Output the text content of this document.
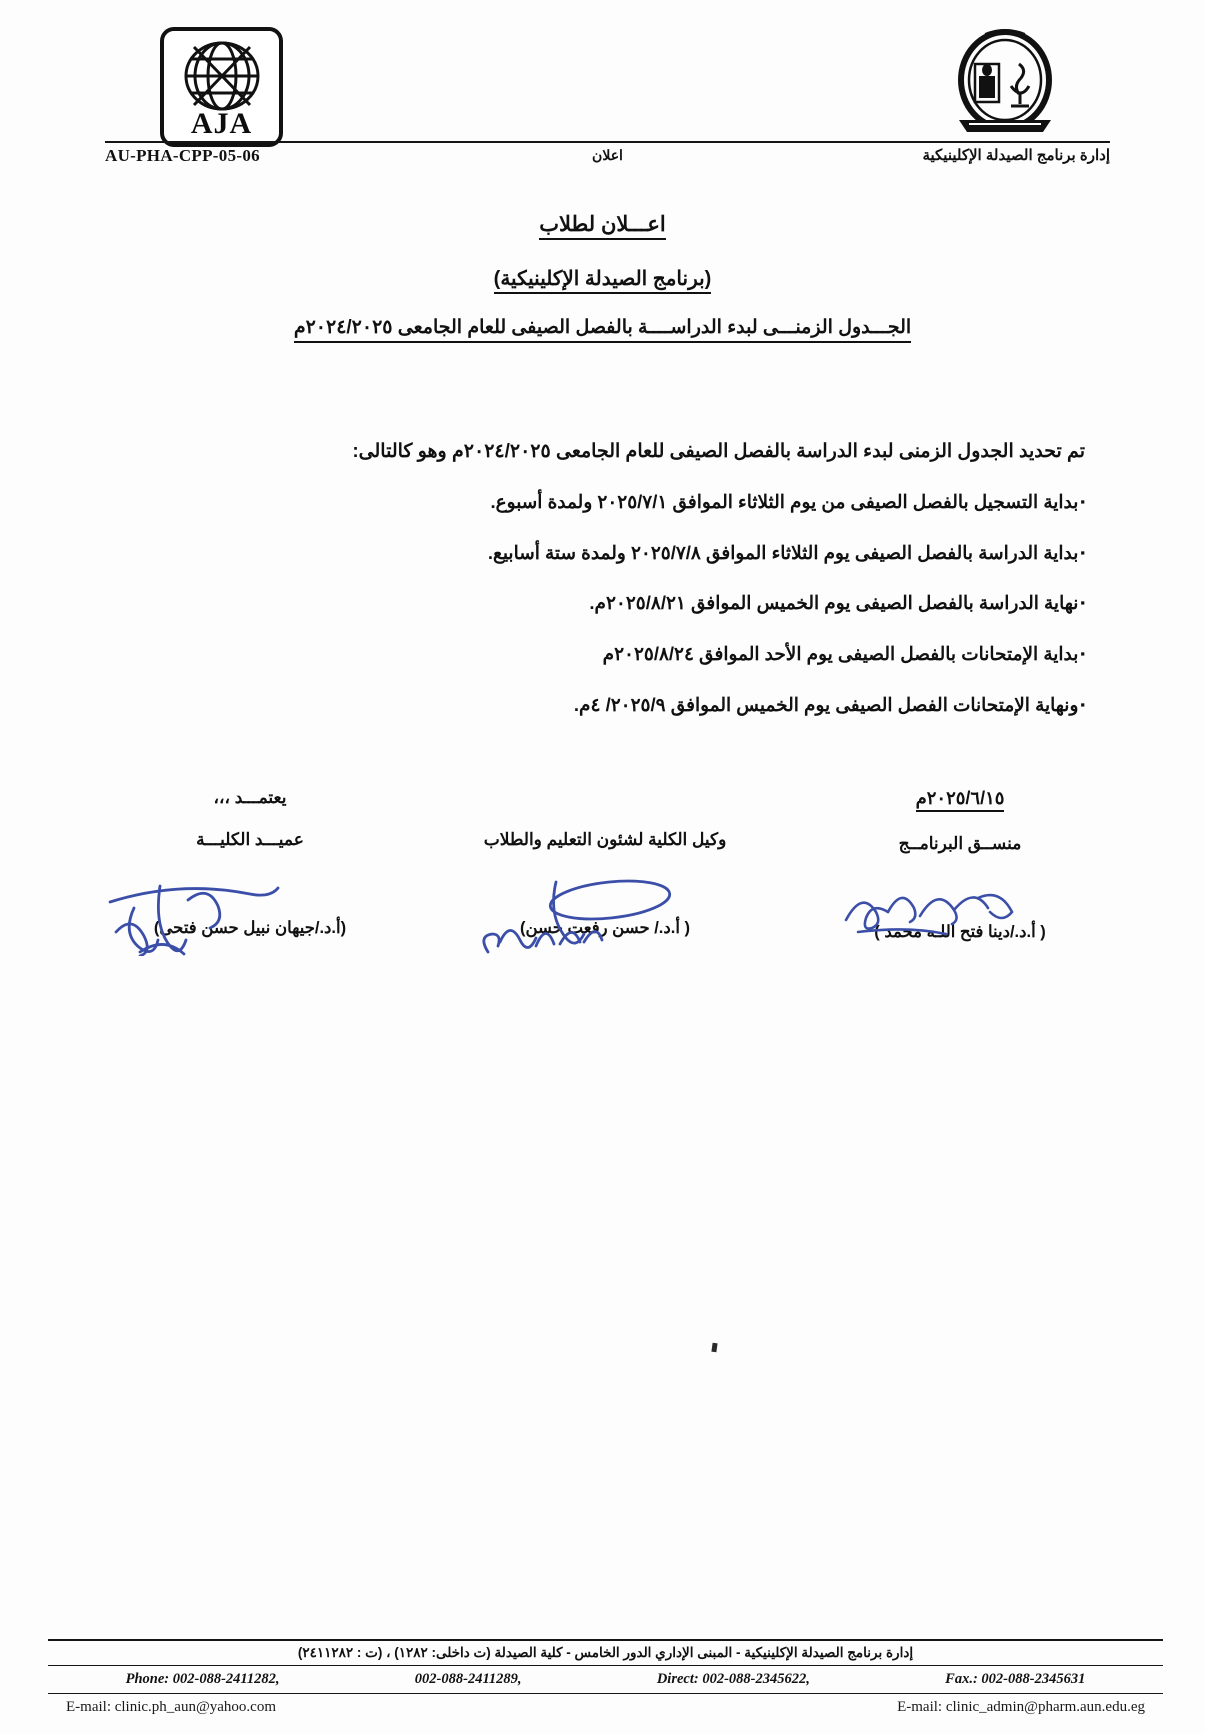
AJA
إدارة برنامج الصيدلة الإكلينيكية
اعلان
AU-PHA-CPP-05-06
اعـــلان لطلاب
(برنامج الصيدلة الإكلينيكية)
الجـــدول الزمنـــى لبدء الدراســــة بالفصل الصيفى للعام الجامعى ٢٠٢٤/٢٠٢٥م
تم تحديد الجدول الزمنى لبدء الدراسة بالفصل الصيفى للعام الجامعى ٢٠٢٤/٢٠٢٥م وهو كالتالى:
▪
بداية التسجيل بالفصل الصيفى من يوم الثلاثاء الموافق ٢٠٢٥/٧/١ ولمدة أسبوع.
▪
بداية الدراسة بالفصل الصيفى يوم الثلاثاء الموافق ٢٠٢٥/٧/٨ ولمدة ستة أسابيع.
▪
نهاية الدراسة بالفصل الصيفى يوم الخميس الموافق ٢٠٢٥/٨/٢١م.
▪
بداية الإمتحانات بالفصل الصيفى يوم الأحد الموافق ٢٠٢٥/٨/٢٤م
▪
ونهاية الإمتحانات الفصل الصيفى يوم الخميس الموافق ٢٠٢٥/٩/ ٤م.
٢٠٢٥/٦/١٥م
منســق البرنامــج
( أ.د./دينا فتح اللـه محمد )
وكيل الكلية لشئون التعليم والطلاب
( أ.د./ حسن رفعت حسن)
يعتمـــد ،،،
عميـــد الكليـــة
(أ.د./جيهان نبيل حسن فتحى)
إدارة برنامج الصيدلة الإكلينيكية - المبنى الإداري الدور الخامس - كلية الصيدلة (ت داخلى: ١٢٨٢) ، (ت : ٢٤١١٢٨٢)
Phone: 002-088-2411282,	002-088-2411289,	Direct: 002-088-2345622,	Fax.: 002-088-2345631
E-mail: clinic.ph_aun@yahoo.com	E-mail: clinic_admin@pharm.aun.edu.eg
